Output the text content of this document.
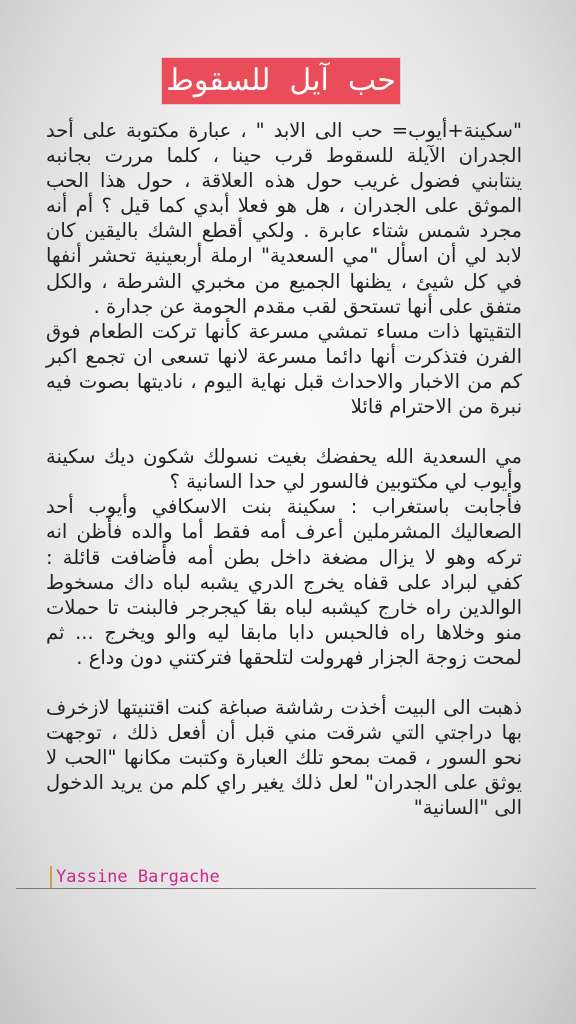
حب  آيل  للسقوط

"سكينة+أيوب= حب الى الابد " ، عبارة مكتوبة على أحد الجدران الآيلة للسقوط قرب حينا ، كلما مررت بجانبه ينتابني فضول غريب حول هذه العلاقة ، حول هذا الحب الموثق على الجدران ، هل هو فعلا أبدي كما قيل ؟ أم أنه مجرد شمس شتاء عابرة . ولكي أقطع الشك باليقين كان لابد لي أن اسأل "مي السعدية" ارملة أربعينية تحشر أنفها في كل شيئ ، يظنها الجميع من مخبري الشرطة ، والكل متفق على أنها تستحق لقب مقدم الحومة عن جدارة .
التقيتها ذات مساء تمشي مسرعة كأنها تركت الطعام فوق الفرن فتذكرت أنها دائما مسرعة لانها تسعى ان تجمع اكبر كم من الاخبار والاحداث قبل نهاية اليوم ، ناديتها بصوت فيه نبرة من الاحترام قائلا

مي السعدية الله يحفضك بغيت نسولك شكون ديك سكينة وأيوب لي مكتوبين فالسور لي حدا السانية ؟
فأجابت باستغراب : سكينة بنت الاسكافي وأيوب أحد الصعاليك المشرملين أعرف أمه فقط أما والده فأظن انه تركه وهو لا يزال مضغة داخل بطن أمه فأضافت قائلة : كفي لبراد على قفاه يخرج الدري يشبه لباه داك مسخوط الوالدين راه خارج كيشبه لباه بقا كيجرجر فالبنت تا حملات منو وخلاها راه فالحبس دابا مابقا ليه والو ويخرج ... ثم لمحت زوجة الجزار فهرولت لتلحقها فتركتني دون وداع .

ذهبت الى البيت أخذت رشاشة صباغة كنت اقتنيتها لازخرف بها دراجتي التي شرقت مني قبل أن أفعل ذلك ، توجهت نحو السور ، قمت بمحو تلك العبارة وكتبت مكانها "الحب لا يوثق على الجدران" لعل ذلك يغير راي كلم من يريد الدخول الى "السانية"

Yassine Bargache
